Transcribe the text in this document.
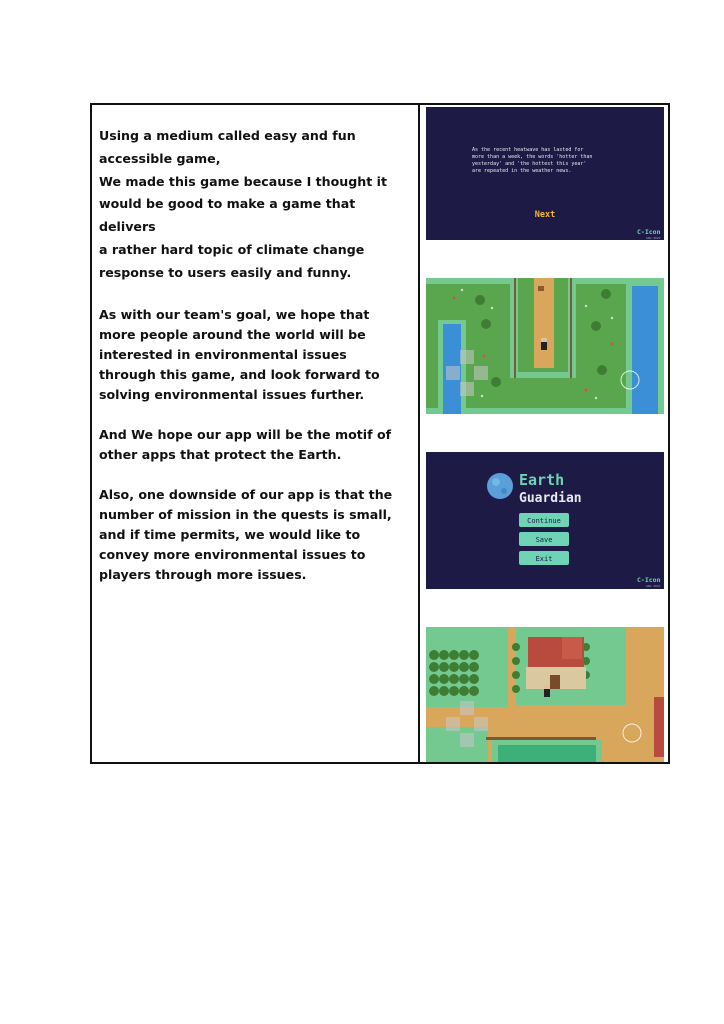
Using a medium called easy and fun
accessible game,
We made this game because I thought it
would be good to make a game that delivers
a rather hard topic of climate change
response to users easily and funny.
As with our team's goal, we hope that
more people around the world will be
interested in environmental issues
through this game, and look forward to
solving environmental issues further.
And We hope our app will be the motif of
other apps that protect the Earth.
Also, one downside of our app is that the
number of mission in the quests is small,
and if time permits, we would like to
convey more environmental issues to
players through more issues.
As the recent heatwave has lasted for
more than a week, the words 'hotter than
yesterday' and 'the hottest this year'
are repeated in the weather news.
Next
C-Icon
GNU 2023
Earth
Guardian
Continue
Save
Exit
C-Icon
GNU 2023
